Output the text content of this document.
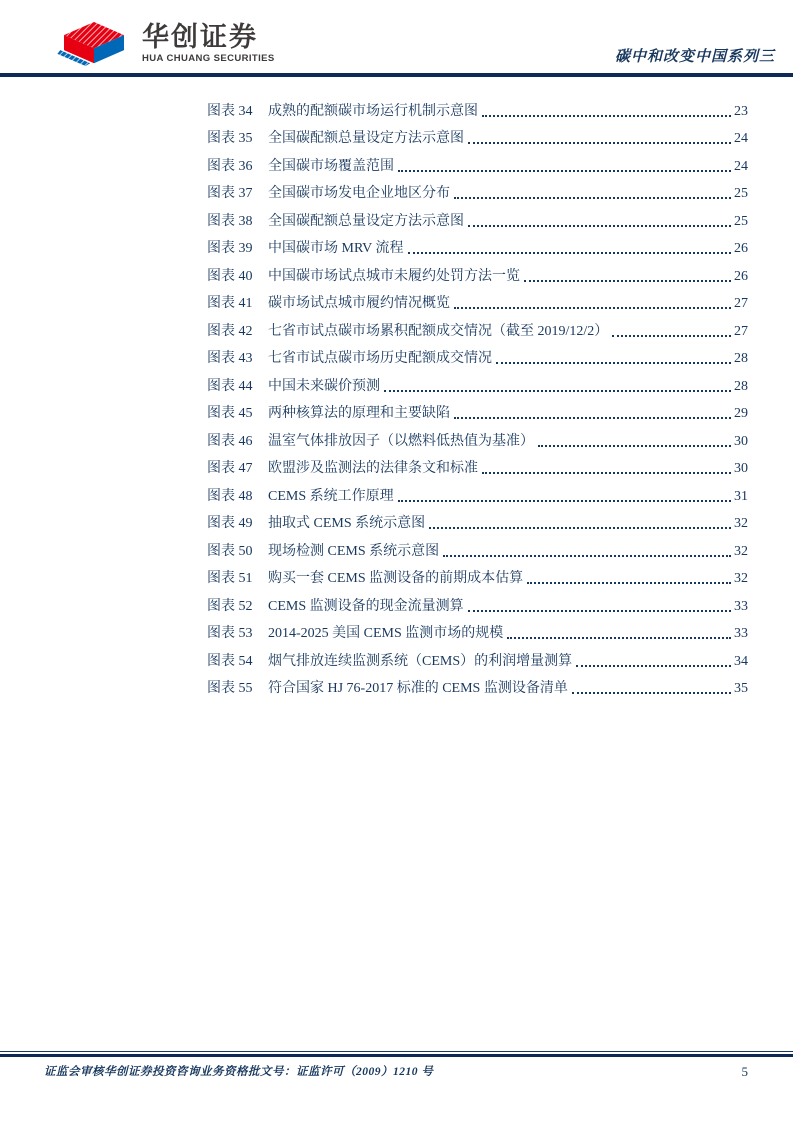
华创证券
HUA CHUANG SECURITIES	碳中和改变中国系列三
图表 34	成熟的配额碳市场运行机制示意图	23
图表 35	全国碳配额总量设定方法示意图	24
图表 36	全国碳市场覆盖范围	24
图表 37	全国碳市场发电企业地区分布	25
图表 38	全国碳配额总量设定方法示意图	25
图表 39	中国碳市场 MRV 流程	26
图表 40	中国碳市场试点城市未履约处罚方法一览	26
图表 41	碳市场试点城市履约情况概览	27
图表 42	七省市试点碳市场累积配额成交情况（截至 2019/12/2）	27
图表 43	七省市试点碳市场历史配额成交情况	28
图表 44	中国未来碳价预测	28
图表 45	两种核算法的原理和主要缺陷	29
图表 46	温室气体排放因子（以燃料低热值为基准）	30
图表 47	欧盟涉及监测法的法律条文和标准	30
图表 48	CEMS 系统工作原理	31
图表 49	抽取式 CEMS 系统示意图	32
图表 50	现场检测 CEMS 系统示意图	32
图表 51	购买一套 CEMS 监测设备的前期成本估算	32
图表 52	CEMS 监测设备的现金流量测算	33
图表 53	2014-2025 美国 CEMS 监测市场的规模	33
图表 54	烟气排放连续监测系统（CEMS）的利润增量测算	34
图表 55	符合国家 HJ 76-2017 标准的 CEMS 监测设备清单	35
证监会审核华创证券投资咨询业务资格批文号：证监许可（2009）1210 号	5
